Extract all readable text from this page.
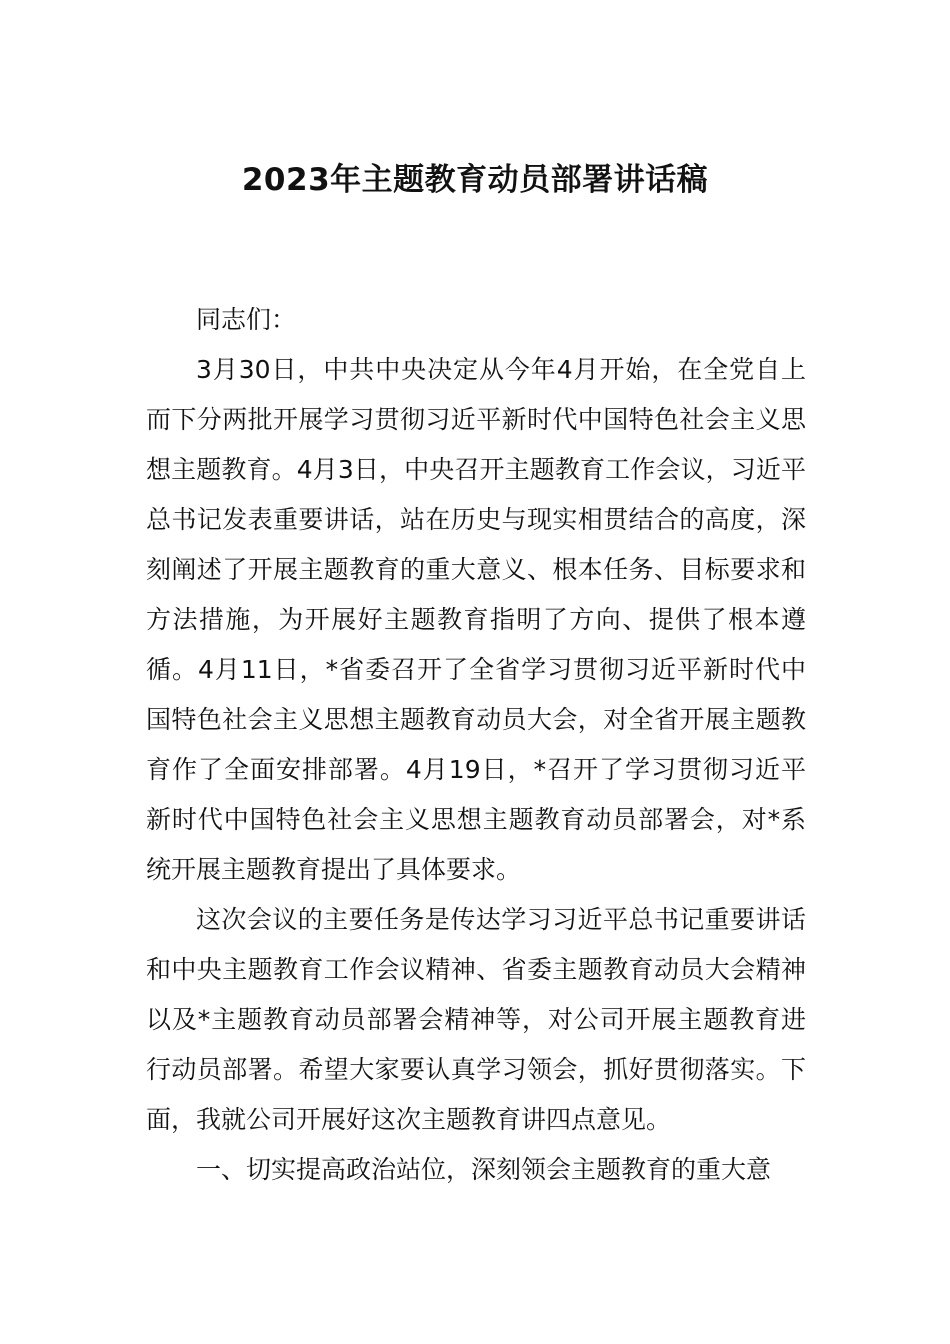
2023年主题教育动员部署讲话稿

同志们：

3月30日，中共中央决定从今年4月开始，在全党自上而下分两批开展学习贯彻习近平新时代中国特色社会主义思想主题教育。4月3日，中央召开主题教育工作会议，习近平总书记发表重要讲话，站在历史与现实相贯结合的高度，深刻阐述了开展主题教育的重大意义、根本任务、目标要求和方法措施，为开展好主题教育指明了方向、提供了根本遵循。4月11日，*省委召开了全省学习贯彻习近平新时代中国特色社会主义思想主题教育动员大会，对全省开展主题教育作了全面安排部署。4月19日，*召开了学习贯彻习近平新时代中国特色社会主义思想主题教育动员部署会，对*系统开展主题教育提出了具体要求。

这次会议的主要任务是传达学习习近平总书记重要讲话和中央主题教育工作会议精神、省委主题教育动员大会精神以及*主题教育动员部署会精神等，对公司开展主题教育进行动员部署。希望大家要认真学习领会，抓好贯彻落实。下面，我就公司开展好这次主题教育讲四点意见。

一、切实提高政治站位，深刻领会主题教育的重大意
